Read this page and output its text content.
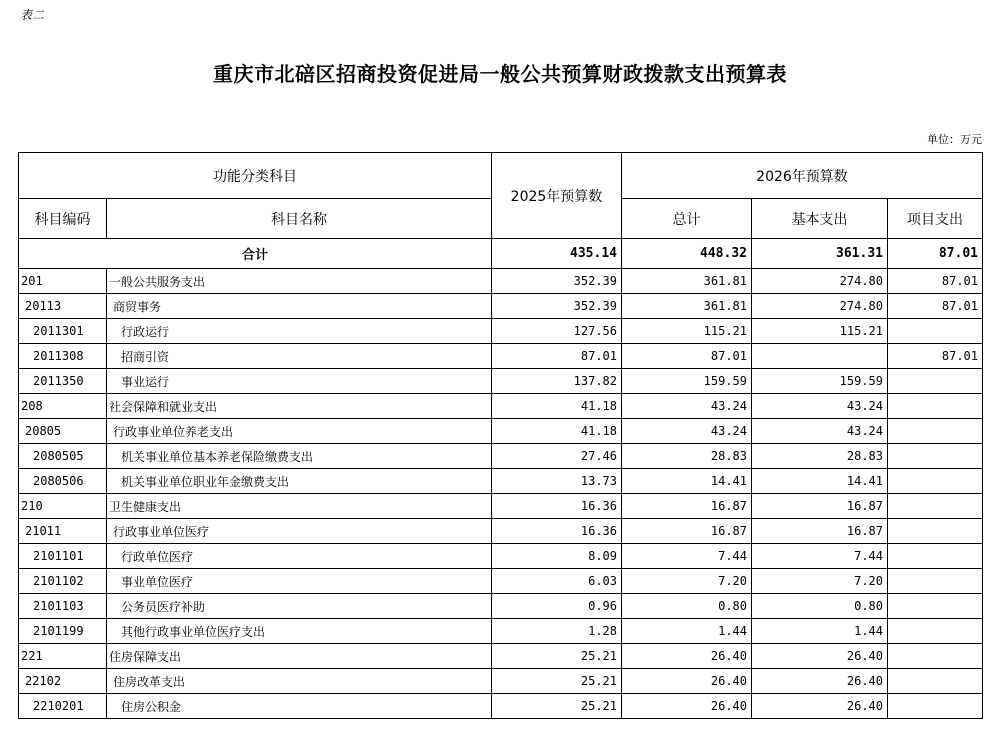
表二
重庆市北碚区招商投资促进局一般公共预算财政拨款支出预算表
单位：万元
功能分类科目		2025年预算数	2026年预算数		
科目编码	科目名称		总计	基本支出	项目支出
合计		435.14	448.32	361.31	87.01
201	一般公共服务支出	352.39	361.81	274.80	87.01
20113	商贸事务	352.39	361.81	274.80	87.01
2011301	行政运行	127.56	115.21	115.21	
2011308	招商引资	87.01	87.01		87.01
2011350	事业运行	137.82	159.59	159.59	
208	社会保障和就业支出	41.18	43.24	43.24	
20805	行政事业单位养老支出	41.18	43.24	43.24	
2080505	机关事业单位基本养老保险缴费支出	27.46	28.83	28.83	
2080506	机关事业单位职业年金缴费支出	13.73	14.41	14.41	
210	卫生健康支出	16.36	16.87	16.87	
21011	行政事业单位医疗	16.36	16.87	16.87	
2101101	行政单位医疗	8.09	7.44	7.44	
2101102	事业单位医疗	6.03	7.20	7.20	
2101103	公务员医疗补助	0.96	0.80	0.80	
2101199	其他行政事业单位医疗支出	1.28	1.44	1.44	
221	住房保障支出	25.21	26.40	26.40	
22102	住房改革支出	25.21	26.40	26.40	
2210201	住房公积金	25.21	26.40	26.40	
